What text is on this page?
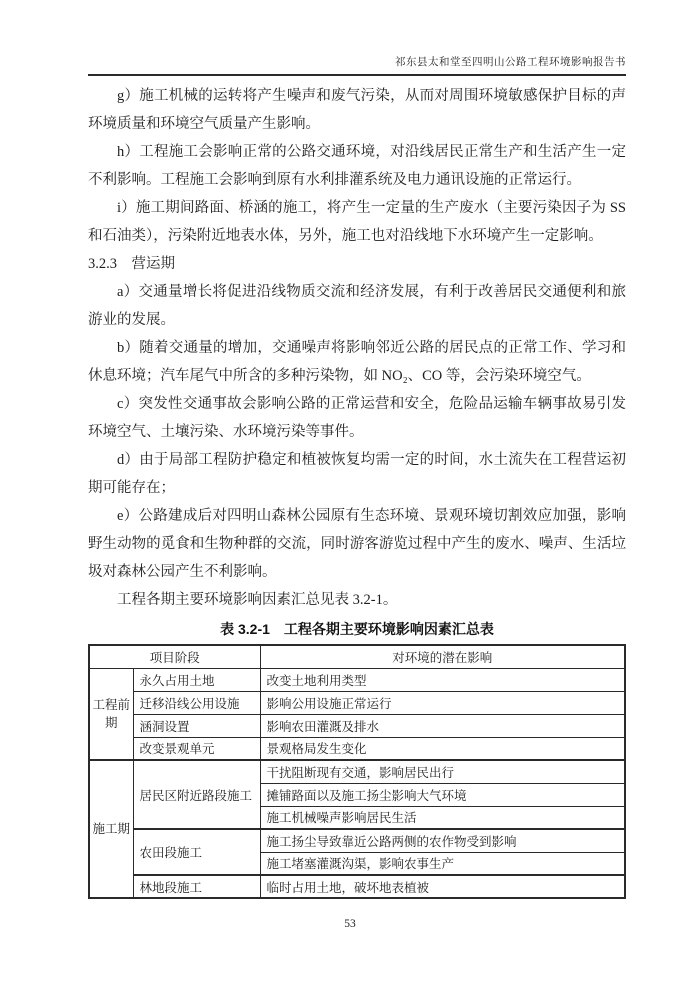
祁东县太和堂至四明山公路工程环境影响报告书

g）施工机械的运转将产生噪声和废气污染，从而对周围环境敏感保护目标的声环境质量和环境空气质量产生影响。

h）工程施工会影响正常的公路交通环境，对沿线居民正常生产和生活产生一定不利影响。工程施工会影响到原有水利排灌系统及电力通讯设施的正常运行。

i）施工期间路面、桥涵的施工，将产生一定量的生产废水（主要污染因子为 SS 和石油类），污染附近地表水体，另外，施工也对沿线地下水环境产生一定影响。

3.2.3　营运期

a）交通量增长将促进沿线物质交流和经济发展，有利于改善居民交通便利和旅游业的发展。

b）随着交通量的增加，交通噪声将影响邻近公路的居民点的正常工作、学习和休息环境；汽车尾气中所含的多种污染物，如 NO₂、CO 等，会污染环境空气。

c）突发性交通事故会影响公路的正常运营和安全，危险品运输车辆事故易引发环境空气、土壤污染、水环境污染等事件。

d）由于局部工程防护稳定和植被恢复均需一定的时间，水土流失在工程营运初期可能存在；

e）公路建成后对四明山森林公园原有生态环境、景观环境切割效应加强，影响野生动物的觅食和生物种群的交流，同时游客游览过程中产生的废水、噪声、生活垃圾对森林公园产生不利影响。

工程各期主要环境影响因素汇总见表 3.2-1。

表 3.2-1　工程各期主要环境影响因素汇总表
项目阶段		对环境的潜在影响
工程前期	永久占用土地	改变土地利用类型
	迁移沿线公用设施	影响公用设施正常运行
	涵洞设置	影响农田灌溉及排水
	改变景观单元	景观格局发生变化
施工期	居民区附近路段施工	干扰阻断现有交通，影响居民出行
		摊铺路面以及施工扬尘影响大气环境
		施工机械噪声影响居民生活
	农田段施工	施工扬尘导致靠近公路两侧的农作物受到影响
		施工堵塞灌溉沟渠，影响农事生产
	林地段施工	临时占用土地，破坏地表植被
53
